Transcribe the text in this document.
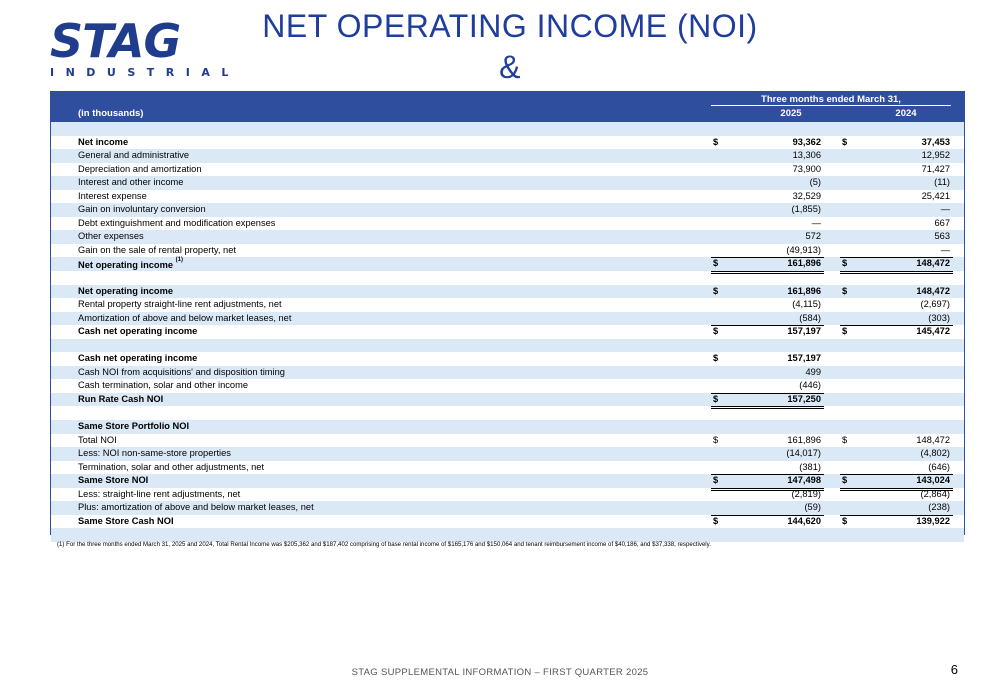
STAG
INDUSTRIAL
NET OPERATING INCOME (NOI) &
Three months ended March 31,
(in thousands)	2025	2024
Net income	$	93,362 $	37,453
General and administrative	13,306	12,952
Depreciation and amortization	73,900	71,427
Interest and other income	(5)	(11)
Interest expense	32,529	25,421
Gain on involuntary conversion	(1,855)	—
Debt extinguishment and modification expenses	—	667
Other expenses	572	563
Gain on the sale of rental property, net	(49,913)	—
Net operating income $^{(1)}$	$	161,896 $	148,472
Net operating income	$	161,896 $	148,472
Rental property straight-line rent adjustments, net	(4,115)	(2,697)
Amortization of above and below market leases, net	(584)	(303)
Cash net operating income	$	157,197 $	145,472
Cash net operating income	$	157,197
Cash NOI from acquisitions' and disposition timing	499
Cash termination, solar and other income	(446)
Run Rate Cash NOI	$	157,250
Same Store Portfolio NOI
Total NOI	$	161,896 $	148,472
Less: NOI non-same-store properties	(14,017)	(4,802)
Termination, solar and other adjustments, net	(381)	(646)
Same Store NOI	$	147,498 $	143,024
Less: straight-line rent adjustments, net	(2,819)	(2,864)
Plus: amortization of above and below market leases, net	(59)	(238)
Same Store Cash NOI	$	144,620 $	139,922
(1) For the three months ended March 31, 2025 and 2024, Total Rental Income was $205,362 and $187,402 comprising of base rental income of $165,176 and $150,064 and tenant reimbursement income of $40,186, and $37,338, respectively.
STAG SUPPLEMENTAL INFORMATION – FIRST QUARTER 2025	6
